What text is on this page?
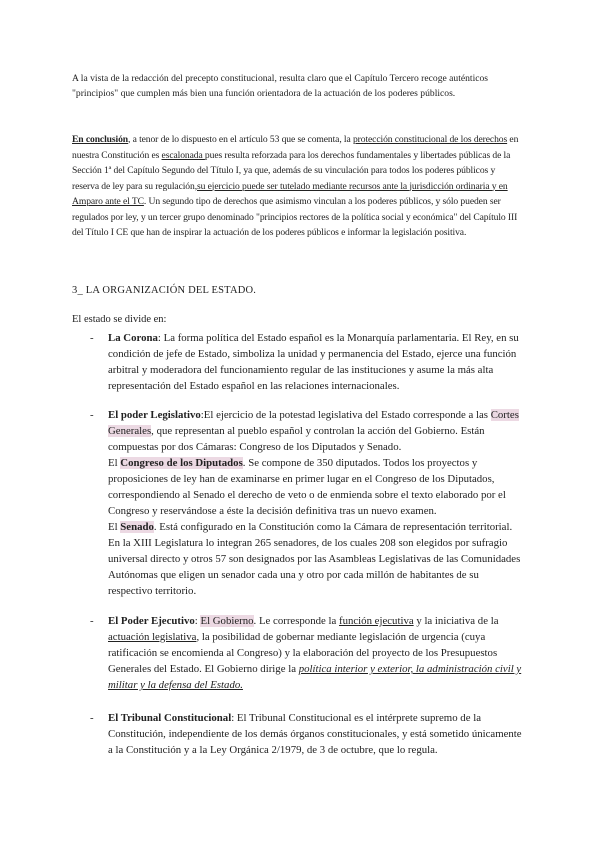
A la vista de la redacción del precepto constitucional, resulta claro que el Capítulo Tercero recoge auténticos "principios" que cumplen más bien una función orientadora de la actuación de los poderes públicos.

En conclusión, a tenor de lo dispuesto en el artículo 53 que se comenta, la protección constitucional de los derechos en nuestra Constitución es escalonada pues resulta reforzada para los derechos fundamentales y libertades públicas de la Sección 1ª del Capítulo Segundo del Título I, ya que, además de su vinculación para todos los poderes públicos y reserva de ley para su regulación,su ejercicio puede ser tutelado mediante recursos ante la jurisdicción ordinaria y en Amparo ante el TC. Un segundo tipo de derechos que asimismo vinculan a los poderes públicos, y sólo pueden ser regulados por ley, y un tercer grupo denominado "principios rectores de la política social y económica" del Capítulo III del Título I CE que han de inspirar la actuación de los poderes públicos e informar la legislación positiva.

3_ LA ORGANIZACIÓN DEL ESTADO.

El estado se divide en:

- La Corona: La forma política del Estado español es la Monarquía parlamentaria. El Rey, en su condición de jefe de Estado, simboliza la unidad y permanencia del Estado, ejerce una función arbitral y moderadora del funcionamiento regular de las instituciones y asume la más alta representación del Estado español en las relaciones internacionales.
- El poder Legislativo:El ejercicio de la potestad legislativa del Estado corresponde a las Cortes Generales, que representan al pueblo español y controlan la acción del Gobierno. Están compuestas por dos Cámaras: Congreso de los Diputados y Senado.
El Congreso de los Diputados. Se compone de 350 diputados. Todos los proyectos y proposiciones de ley han de examinarse en primer lugar en el Congreso de los Diputados, correspondiendo al Senado el derecho de veto o de enmienda sobre el texto elaborado por el Congreso y reservándose a éste la decisión definitiva tras un nuevo examen.
El Senado. Está configurado en la Constitución como la Cámara de representación territorial. En la XIII Legislatura lo integran 265 senadores, de los cuales 208 son elegidos por sufragio universal directo y otros 57 son designados por las Asambleas Legislativas de las Comunidades Autónomas que eligen un senador cada una y otro por cada millón de habitantes de su respectivo territorio.
- El Poder Ejecutivo: El Gobierno. Le corresponde la función ejecutiva y la iniciativa de la actuación legislativa, la posibilidad de gobernar mediante legislación de urgencia (cuya ratificación se encomienda al Congreso) y la elaboración del proyecto de los Presupuestos Generales del Estado. El Gobierno dirige la política interior y exterior, la administración civil y militar y la defensa del Estado.
- El Tribunal Constitucional: El Tribunal Constitucional es el intérprete supremo de la Constitución, independiente de los demás órganos constitucionales, y está sometido únicamente a la Constitución y a la Ley Orgánica 2/1979, de 3 de octubre, que lo regula.
